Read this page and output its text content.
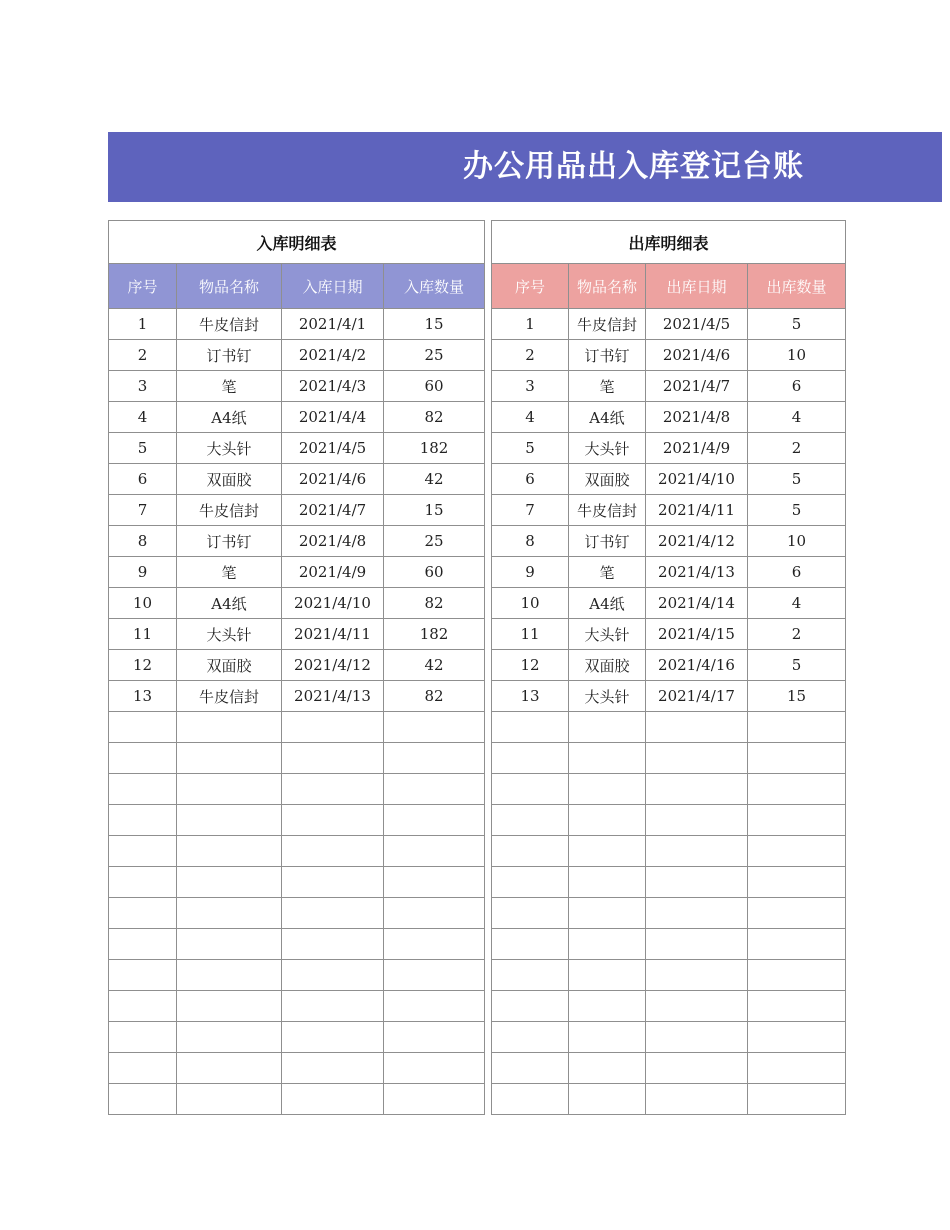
办公用品出入库登记台账
入库明细表			
序号	物品名称	入库日期	入库数量
1	牛皮信封	2021/4/1	15
2	订书钉	2021/4/2	25
3	笔	2021/4/3	60
4	A4纸	2021/4/4	82
5	大头针	2021/4/5	182
6	双面胶	2021/4/6	42
7	牛皮信封	2021/4/7	15
8	订书钉	2021/4/8	25
9	笔	2021/4/9	60
10	A4纸	2021/4/10	82
11	大头针	2021/4/11	182
12	双面胶	2021/4/12	42
13	牛皮信封	2021/4/13	82

出库明细表			
序号	物品名称	出库日期	出库数量
1	牛皮信封	2021/4/5	5
2	订书钉	2021/4/6	10
3	笔	2021/4/7	6
4	A4纸	2021/4/8	4
5	大头针	2021/4/9	2
6	双面胶	2021/4/10	5
7	牛皮信封	2021/4/11	5
8	订书钉	2021/4/12	10
9	笔	2021/4/13	6
10	A4纸	2021/4/14	4
11	大头针	2021/4/15	2
12	双面胶	2021/4/16	5
13	大头针	2021/4/17	15
